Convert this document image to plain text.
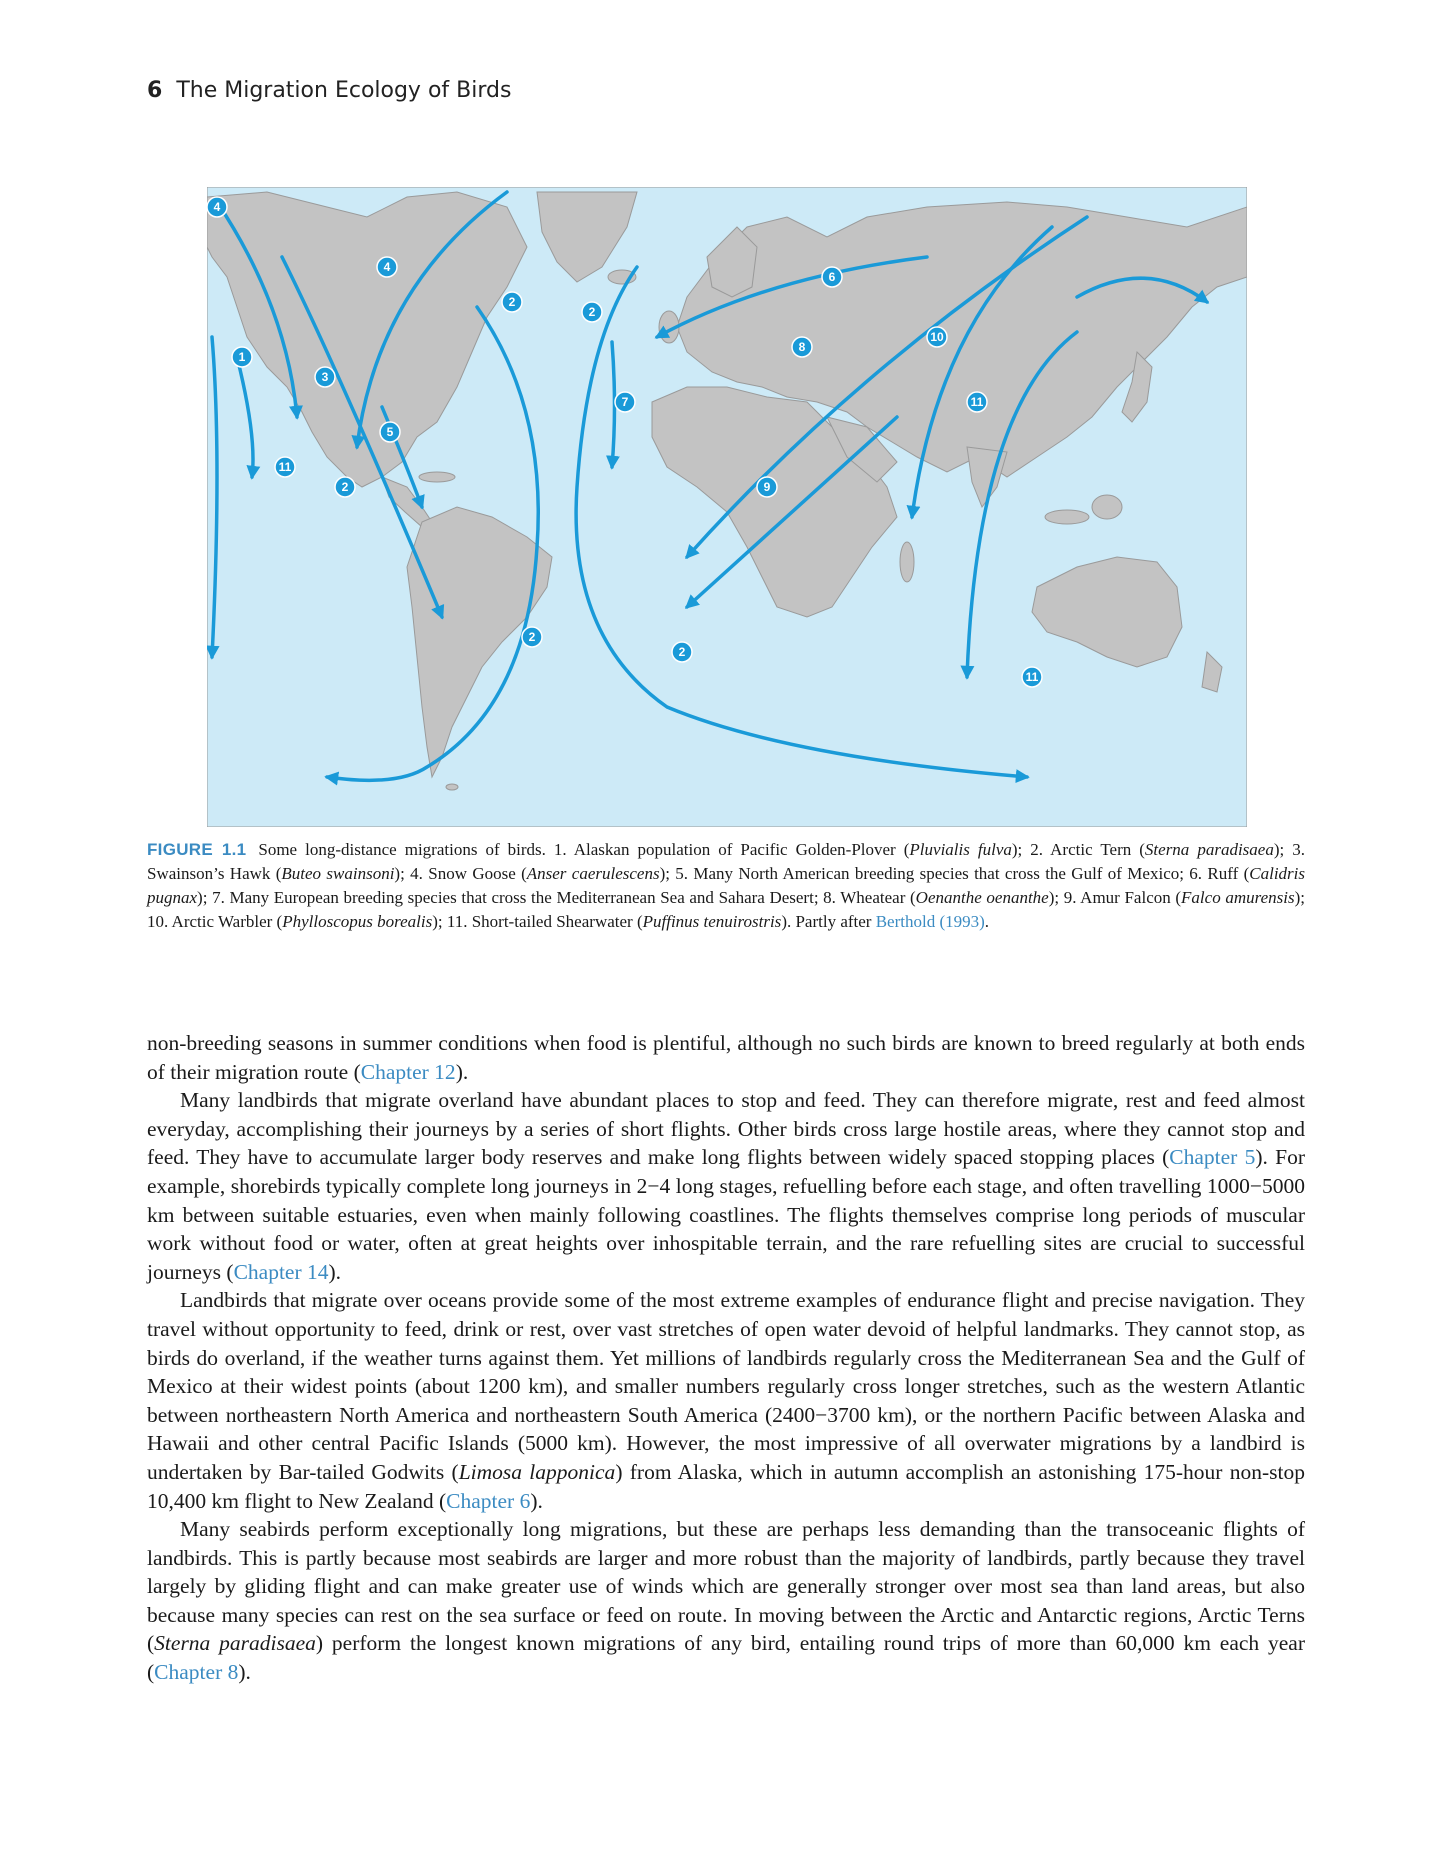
6 The Migration Ecology of Birds
1
2
2
2
2
2
3
4
4
5
6
7
8
9
10
11
11
11
FIGURE 1.1 Some long-distance migrations of birds. 1. Alaskan population of Pacific Golden-Plover (Pluvialis fulva); 2. Arctic Tern (Sterna paradisaea); 3. Swainson’s Hawk (Buteo swainsoni); 4. Snow Goose (Anser caerulescens); 5. Many North American breeding species that cross the Gulf of Mexico; 6. Ruff (Calidris pugnax); 7. Many European breeding species that cross the Mediterranean Sea and Sahara Desert; 8. Wheatear (Oenanthe oenanthe); 9. Amur Falcon (Falco amurensis); 10. Arctic Warbler (Phylloscopus borealis); 11. Short-tailed Shearwater (Puffinus tenuirostris). Partly after Berthold (1993).

non-breeding seasons in summer conditions when food is plentiful, although no such birds are known to breed regularly at both ends of their migration route (Chapter 12).

Many landbirds that migrate overland have abundant places to stop and feed. They can therefore migrate, rest and feed almost everyday, accomplishing their journeys by a series of short flights. Other birds cross large hostile areas, where they cannot stop and feed. They have to accumulate larger body reserves and make long flights between widely spaced stopping places (Chapter 5). For example, shorebirds typically complete long journeys in 2−4 long stages, refuelling before each stage, and often travelling 1000−5000 km between suitable estuaries, even when mainly following coastlines. The flights themselves comprise long periods of muscular work without food or water, often at great heights over inhospitable terrain, and the rare refuelling sites are crucial to successful journeys (Chapter 14).

Landbirds that migrate over oceans provide some of the most extreme examples of endurance flight and precise navigation. They travel without opportunity to feed, drink or rest, over vast stretches of open water devoid of helpful landmarks. They cannot stop, as birds do overland, if the weather turns against them. Yet millions of landbirds regularly cross the Mediterranean Sea and the Gulf of Mexico at their widest points (about 1200 km), and smaller numbers regularly cross longer stretches, such as the western Atlantic between northeastern North America and northeastern South America (2400−3700 km), or the northern Pacific between Alaska and Hawaii and other central Pacific Islands (5000 km). However, the most impressive of all overwater migrations by a landbird is undertaken by Bar-tailed Godwits (Limosa lapponica) from Alaska, which in autumn accomplish an astonishing 175-hour non-stop 10,400 km flight to New Zealand (Chapter 6).

Many seabirds perform exceptionally long migrations, but these are perhaps less demanding than the transoceanic flights of landbirds. This is partly because most seabirds are larger and more robust than the majority of landbirds, partly because they travel largely by gliding flight and can make greater use of winds which are generally stronger over most sea than land areas, but also because many species can rest on the sea surface or feed on route. In moving between the Arctic and Antarctic regions, Arctic Terns (Sterna paradisaea) perform the longest known migrations of any bird, entailing round trips of more than 60,000 km each year (Chapter 8).
